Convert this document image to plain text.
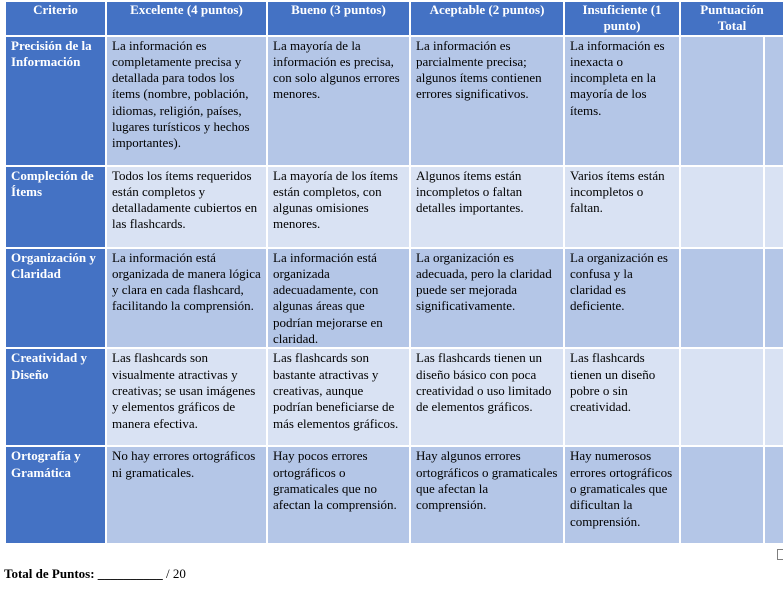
Criterio	Excelente (4 puntos)	Bueno (3 puntos)	Aceptable (2 puntos)	Insuficiente (1 punto)	Puntuación Total	
Precisión de la Información	La información es completamente precisa y detallada para todos los ítems (nombre, población, idiomas, religión, países, lugares turísticos y hechos importantes).	La mayoría de la información es precisa, con solo algunos errores menores.	La información es parcialmente precisa; algunos ítems contienen errores significativos.	La información es inexacta o incompleta en la mayoría de los ítems.		
Compleción de Ítems	Todos los ítems requeridos están completos y detalladamente cubiertos en las flashcards.	La mayoría de los ítems están completos, con algunas omisiones menores.	Algunos ítems están incompletos o faltan detalles importantes.	Varios ítems están incompletos o faltan.		
Organización y Claridad	La información está organizada de manera lógica y clara en cada flashcard, facilitando la comprensión.	La información está organizada adecuadamente, con algunas áreas que podrían mejorarse en claridad.	La organización es adecuada, pero la claridad puede ser mejorada significativamente.	La organización es confusa y la claridad es deficiente.		
Creatividad y Diseño	Las flashcards son visualmente atractivas y creativas; se usan imágenes y elementos gráficos de manera efectiva.	Las flashcards son bastante atractivas y creativas, aunque podrían beneficiarse de más elementos gráficos.	Las flashcards tienen un diseño básico con poca creatividad o uso limitado de elementos gráficos.	Las flashcards tienen un diseño pobre o sin creatividad.		
Ortografía y Gramática	No hay errores ortográficos ni gramaticales.	Hay pocos errores ortográficos o gramaticales que no afectan la comprensión.	Hay algunos errores ortográficos o gramaticales que afectan la comprensión.	Hay numerosos errores ortográficos o gramaticales que dificultan la comprensión.		
Total de Puntos: __________ / 20
